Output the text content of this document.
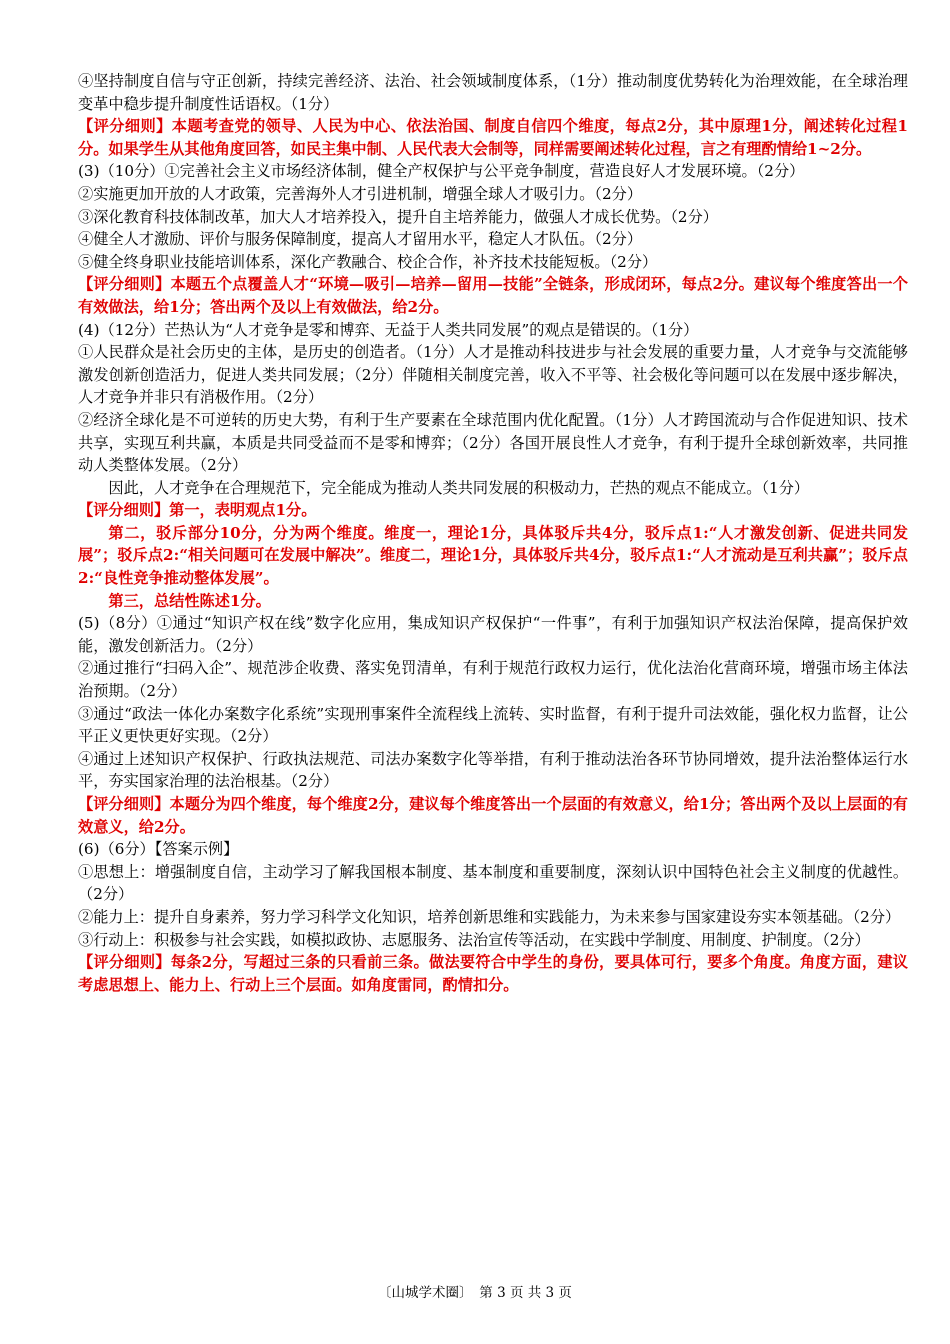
④坚持制度自信与守正创新，持续完善经济、法治、社会领域制度体系，（1分）推动制度优势转化为治理效能，在全球治理变革中稳步提升制度性话语权。（1分）

【评分细则】本题考查党的领导、人民为中心、依法治国、制度自信四个维度，每点2分，其中原理1分，阐述转化过程1分。如果学生从其他角度回答，如民主集中制、人民代表大会制等，同样需要阐述转化过程，言之有理酌情给1~2分。

(3)（10分）①完善社会主义市场经济体制，健全产权保护与公平竞争制度，营造良好人才发展环境。（2分）

②实施更加开放的人才政策，完善海外人才引进机制，增强全球人才吸引力。（2分）

③深化教育科技体制改革，加大人才培养投入，提升自主培养能力，做强人才成长优势。（2分）

④健全人才激励、评价与服务保障制度，提高人才留用水平，稳定人才队伍。（2分）

⑤健全终身职业技能培训体系，深化产教融合、校企合作，补齐技术技能短板。（2分）

【评分细则】本题五个点覆盖人才“环境—吸引—培养—留用—技能”全链条，形成闭环，每点2分。建议每个维度答出一个有效做法，给1分；答出两个及以上有效做法，给2分。

(4)（12分）芒热认为“人才竞争是零和博弈、无益于人类共同发展”的观点是错误的。（1分）

①人民群众是社会历史的主体，是历史的创造者。（1分）人才是推动科技进步与社会发展的重要力量，人才竞争与交流能够激发创新创造活力，促进人类共同发展；（2分）伴随相关制度完善，收入不平等、社会极化等问题可以在发展中逐步解决，人才竞争并非只有消极作用。（2分）

②经济全球化是不可逆转的历史大势，有利于生产要素在全球范围内优化配置。（1分）人才跨国流动与合作促进知识、技术共享，实现互利共赢，本质是共同受益而不是零和博弈；（2分）各国开展良性人才竞争，有利于提升全球创新效率，共同推动人类整体发展。（2分）

因此，人才竞争在合理规范下，完全能成为推动人类共同发展的积极动力，芒热的观点不能成立。（1分）

【评分细则】第一，表明观点1分。

第二，驳斥部分10分，分为两个维度。维度一，理论1分，具体驳斥共4分，驳斥点1:“人才激发创新、促进共同发展”；驳斥点2:“相关问题可在发展中解决”。维度二，理论1分，具体驳斥共4分，驳斥点1:“人才流动是互利共赢”；驳斥点2:“良性竞争推动整体发展”。

第三，总结性陈述1分。

(5)（8分）①通过“知识产权在线”数字化应用，集成知识产权保护“一件事”，有利于加强知识产权法治保障，提高保护效能，激发创新活力。（2分）

②通过推行“扫码入企”、规范涉企收费、落实免罚清单，有利于规范行政权力运行，优化法治化营商环境，增强市场主体法治预期。（2分）

③通过“政法一体化办案数字化系统”实现刑事案件全流程线上流转、实时监督，有利于提升司法效能，强化权力监督，让公平正义更快更好实现。（2分）

④通过上述知识产权保护、行政执法规范、司法办案数字化等举措，有利于推动法治各环节协同增效，提升法治整体运行水平，夯实国家治理的法治根基。（2分）

【评分细则】本题分为四个维度，每个维度2分，建议每个维度答出一个层面的有效意义，给1分；答出两个及以上层面的有效意义，给2分。

(6)（6分）【答案示例】

①思想上：增强制度自信，主动学习了解我国根本制度、基本制度和重要制度，深刻认识中国特色社会主义制度的优越性。（2分）

②能力上：提升自身素养，努力学习科学文化知识，培养创新思维和实践能力，为未来参与国家建设夯实本领基础。（2分）

③行动上：积极参与社会实践，如模拟政协、志愿服务、法治宣传等活动，在实践中学制度、用制度、护制度。（2分）

【评分细则】每条2分，写超过三条的只看前三条。做法要符合中学生的身份，要具体可行，要多个角度。角度方面，建议考虑思想上、能力上、行动上三个层面。如角度雷同，酌情扣分。

〔山城学术圈〕　第 3 页 共 3 页
